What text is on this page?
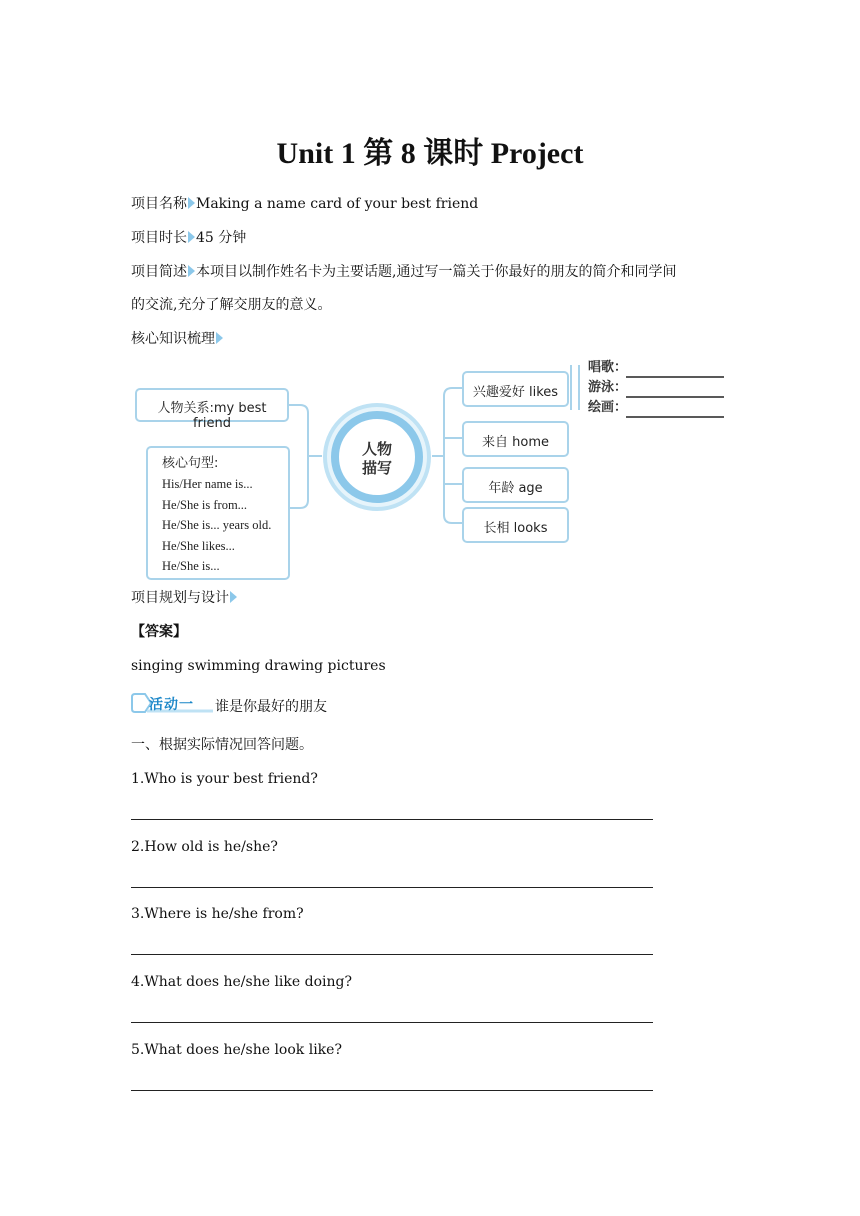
Unit 1 第 8 课时 Project
项目名称 Making a name card of your best friend
项目时长 45 分钟
项目简述 本项目以制作姓名卡为主要话题,通过写一篇关于你最好的朋友的简介和同学间
的交流,充分了解交朋友的意义。
核心知识梳理
人物
描写
人物关系:my best friend
核心句型:
His/Her name is...
He/She is from...
He/She is... years old.
He/She likes...
He/She is...
兴趣爱好 likes
来自 home
年龄 age
长相 looks
唱歌：
游泳：
绘画：
项目规划与设计
【答案】
singing swimming drawing pictures
活动一 谁是你最好的朋友
一、根据实际情况回答问题。
1.Who is your best friend?
2.How old is he/she?
3.Where is he/she from?
4.What does he/she like doing?
5.What does he/she look like?
